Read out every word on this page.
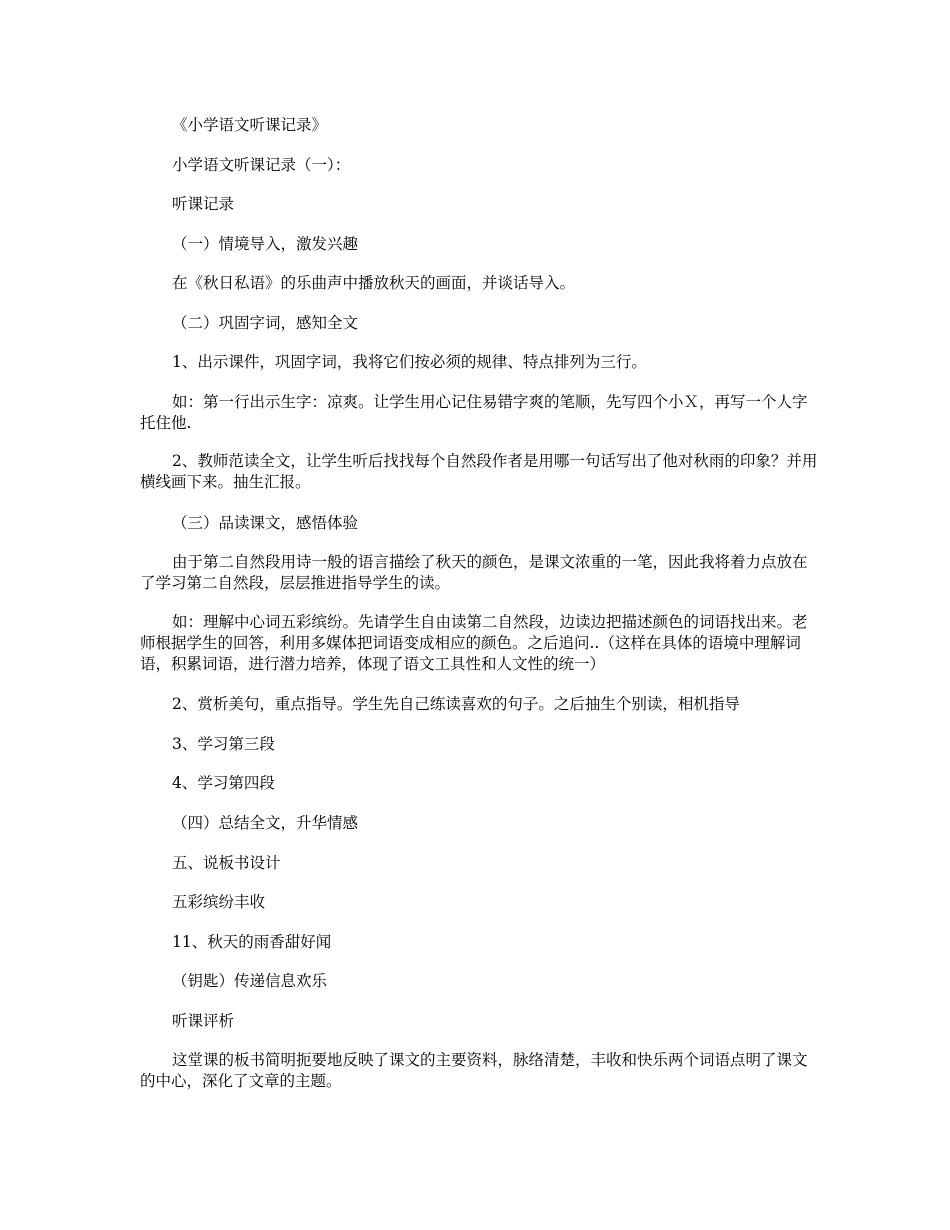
《小学语文听课记录》

小学语文听课记录（一）：

听课记录

（一）情境导入，激发兴趣

在《秋日私语》的乐曲声中播放秋天的画面，并谈话导入。

（二）巩固字词，感知全文

1、出示课件，巩固字词，我将它们按必须的规律、特点排列为三行。

如：第一行出示生字：凉爽。让学生用心记住易错字爽的笔顺，先写四个小Ｘ，再写一个人字托住他.

2、教师范读全文，让学生听后找找每个自然段作者是用哪一句话写出了他对秋雨的印象？并用横线画下来。抽生汇报。

（三）品读课文，感悟体验

由于第二自然段用诗一般的语言描绘了秋天的颜色，是课文浓重的一笔，因此我将着力点放在了学习第二自然段，层层推进指导学生的读。

如：理解中心词五彩缤纷。先请学生自由读第二自然段，边读边把描述颜色的词语找出来。老师根据学生的回答，利用多媒体把词语变成相应的颜色。之后追问..（这样在具体的语境中理解词语，积累词语，进行潜力培养，体现了语文工具性和人文性的统一）

2、赏析美句，重点指导。学生先自己练读喜欢的句子。之后抽生个别读，相机指导

3、学习第三段

4、学习第四段

（四）总结全文，升华情感

五、说板书设计

五彩缤纷丰收

11、秋天的雨香甜好闻

（钥匙）传递信息欢乐

听课评析

这堂课的板书简明扼要地反映了课文的主要资料，脉络清楚，丰收和快乐两个词语点明了课文的中心，深化了文章的主题。
